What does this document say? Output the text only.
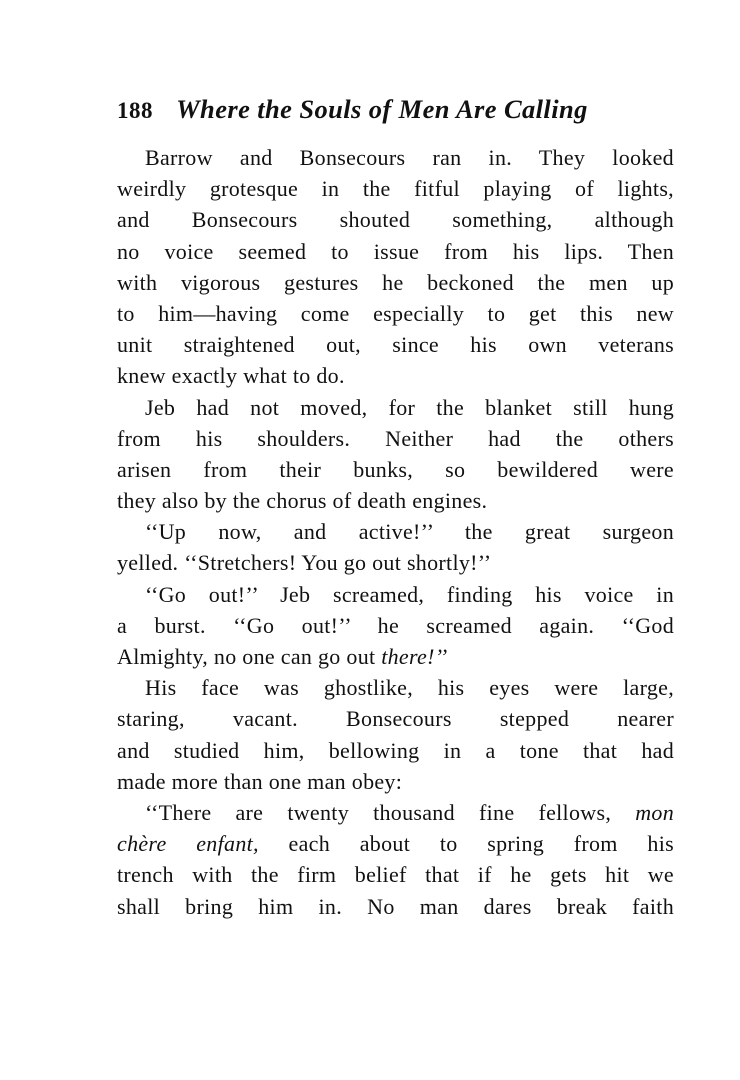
188 Where the Souls of Men Are Calling
Barrow and Bonsecours ran in. They looked
weirdly grotesque in the fitful playing of lights,
and Bonsecours shouted something, although
no voice seemed to issue from his lips. Then
with vigorous gestures he beckoned the men up
to him—having come especially to get this new
unit straightened out, since his own veterans
knew exactly what to do.
Jeb had not moved, for the blanket still hung
from his shoulders. Neither had the others
arisen from their bunks, so bewildered were
they also by the chorus of death engines.
‘‘Up now, and active!’’ the great surgeon
yelled. ‘‘Stretchers! You go out shortly!’’
‘‘Go out!’’ Jeb screamed, finding his voice in
a burst. ‘‘Go out!’’ he screamed again. ‘‘God
Almighty, no one can go out there!’’
His face was ghostlike, his eyes were large,
staring, vacant. Bonsecours stepped nearer
and studied him, bellowing in a tone that had
made more than one man obey:
‘‘There are twenty thousand fine fellows, mon
chère enfant, each about to spring from his
trench with the firm belief that if he gets hit we
shall bring him in. No man dares break faith
